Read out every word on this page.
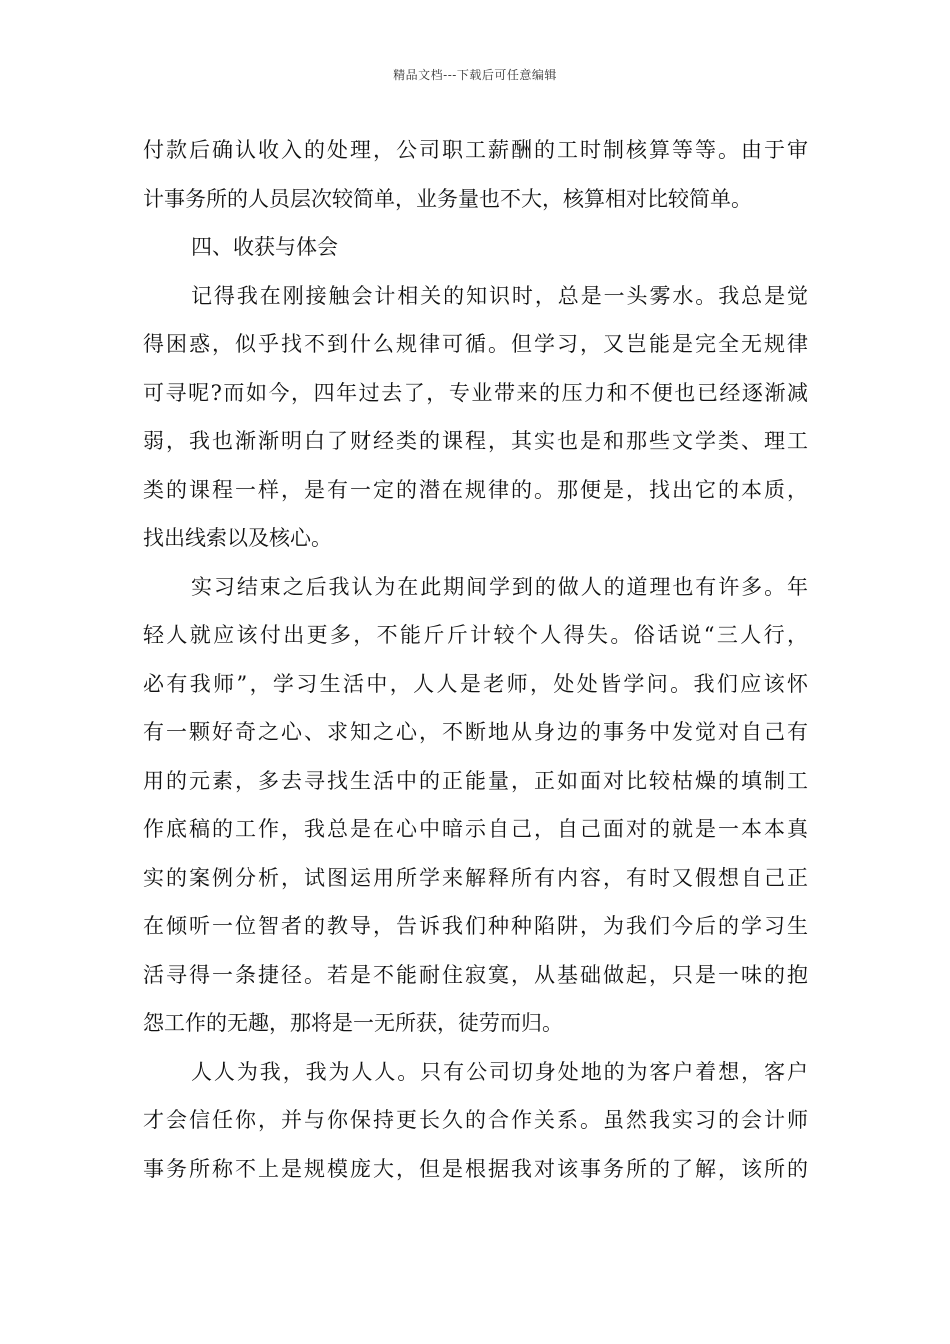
精品文档---下载后可任意编辑
付款后确认收入的处理，公司职工薪酬的工时制核算等等。由于审
计事务所的人员层次较简单，业务量也不大，核算相对比较简单。
四、收获与体会
记得我在刚接触会计相关的知识时，总是一头雾水。我总是觉
得困惑，似乎找不到什么规律可循。但学习，又岂能是完全无规律
可寻呢?而如今，四年过去了，专业带来的压力和不便也已经逐渐减
弱，我也渐渐明白了财经类的课程，其实也是和那些文学类、理工
类的课程一样，是有一定的潜在规律的。那便是，找出它的本质，
找出线索以及核心。
实习结束之后我认为在此期间学到的做人的道理也有许多。年
轻人就应该付出更多，不能斤斤计较个人得失。俗话说“三人行，
必有我师”，学习生活中，人人是老师，处处皆学问。我们应该怀
有一颗好奇之心、求知之心，不断地从身边的事务中发觉对自己有
用的元素，多去寻找生活中的正能量，正如面对比较枯燥的填制工
作底稿的工作，我总是在心中暗示自己，自己面对的就是一本本真
实的案例分析，试图运用所学来解释所有内容，有时又假想自己正
在倾听一位智者的教导，告诉我们种种陷阱，为我们今后的学习生
活寻得一条捷径。若是不能耐住寂寞，从基础做起，只是一味的抱
怨工作的无趣，那将是一无所获，徒劳而归。
人人为我，我为人人。只有公司切身处地的为客户着想，客户
才会信任你，并与你保持更长久的合作关系。虽然我实习的会计师
事务所称不上是规模庞大，但是根据我对该事务所的了解，该所的
